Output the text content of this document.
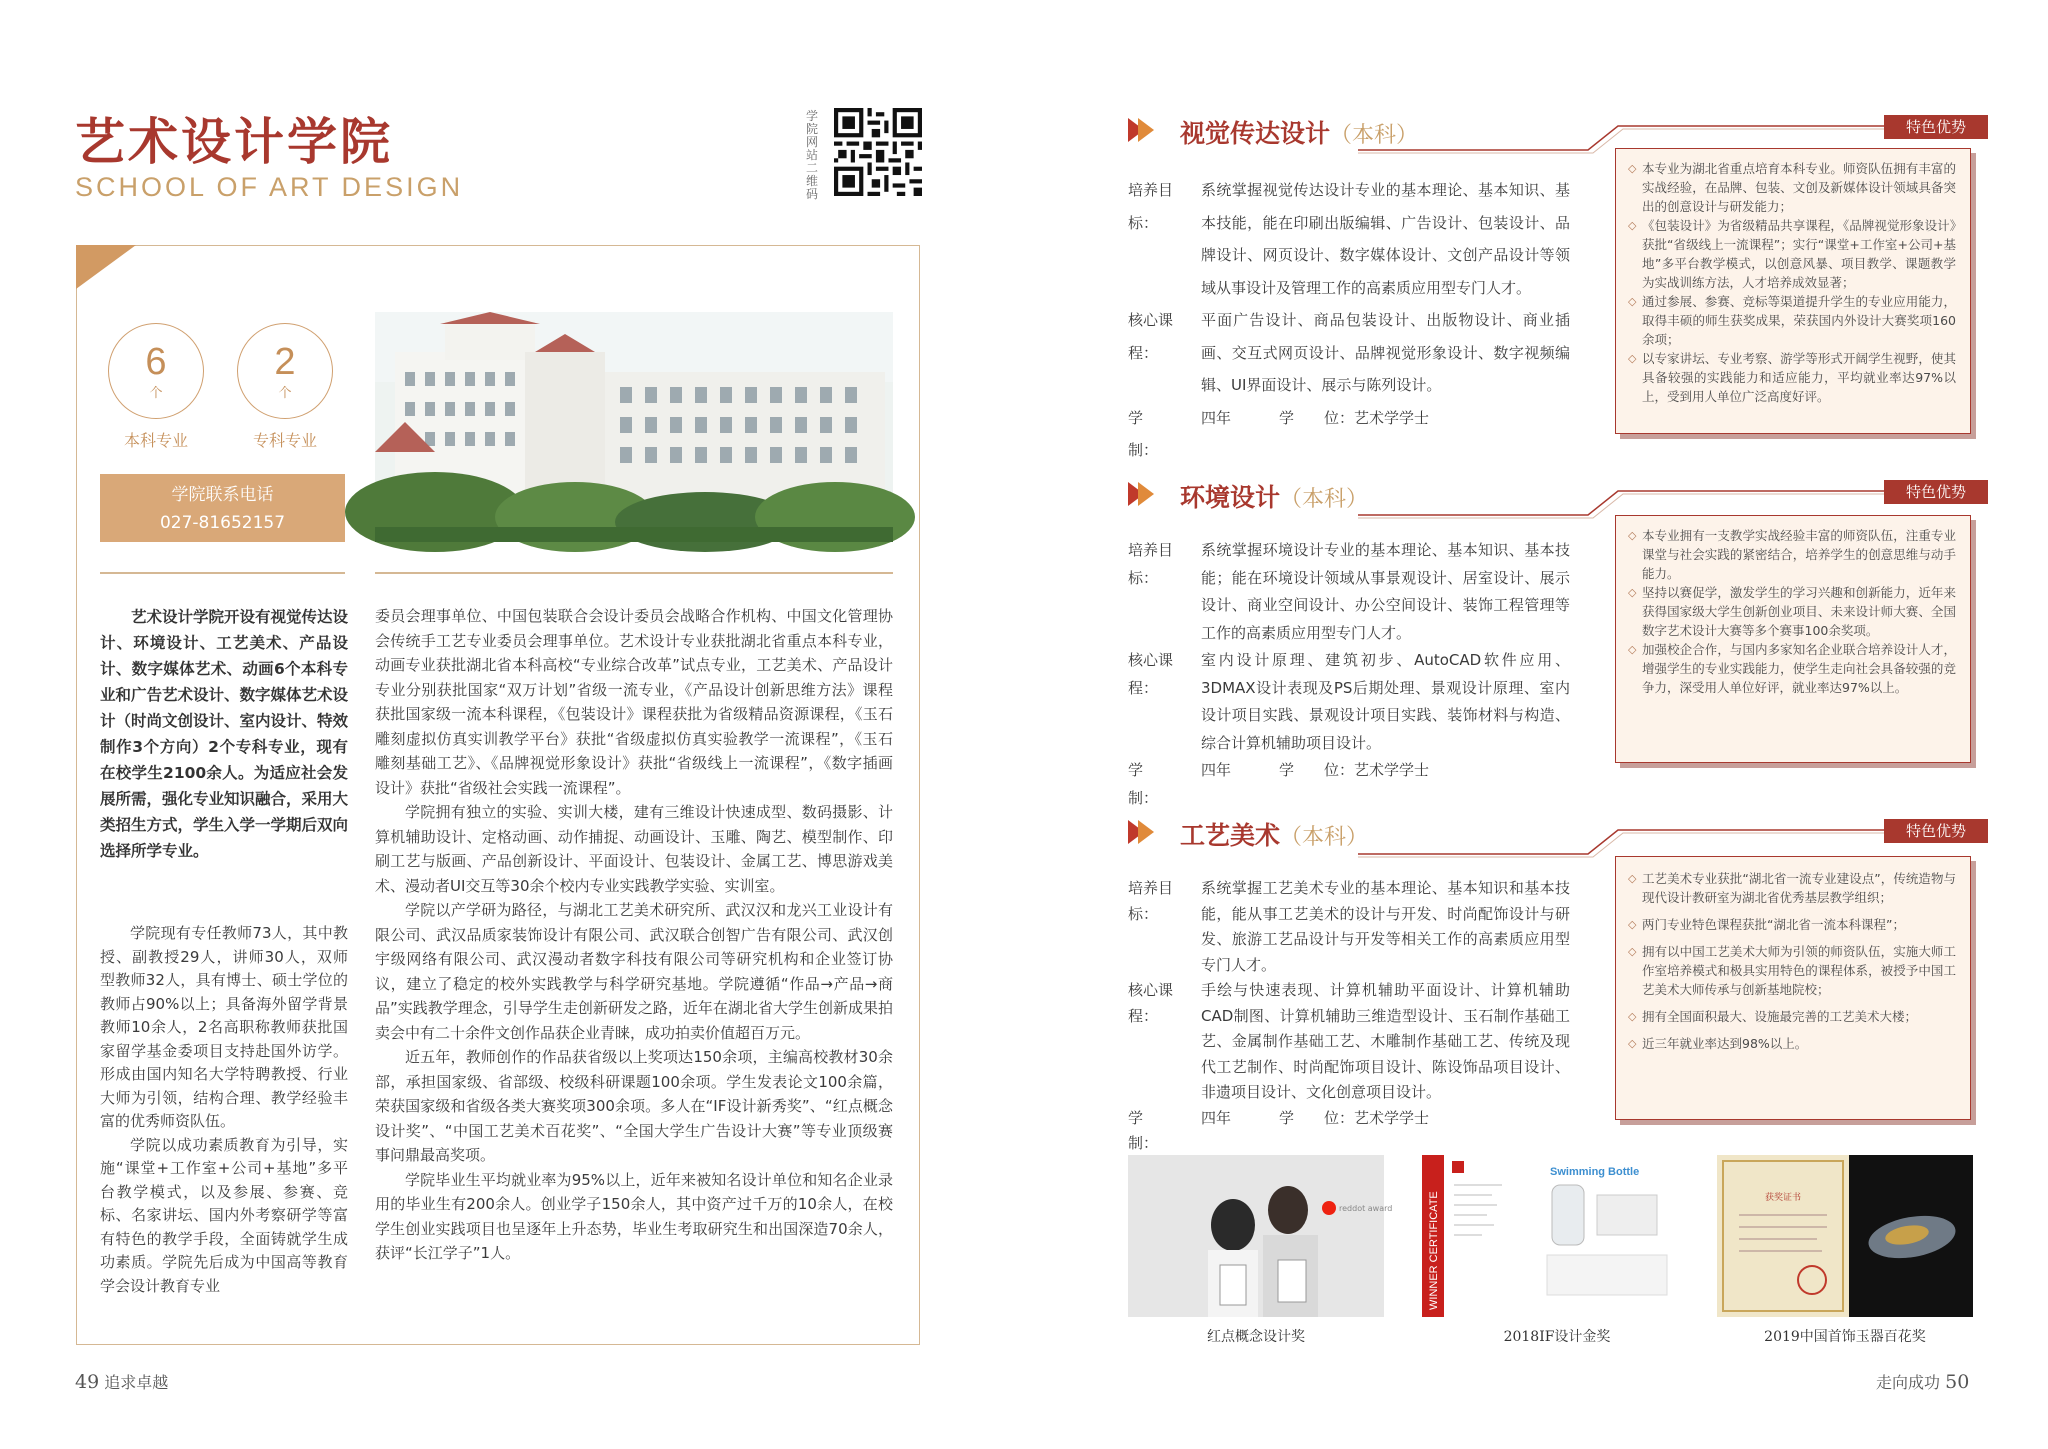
艺术设计学院
SCHOOL OF ART DESIGN
学院网站二维码
6
个
本科专业
2
个
专科专业
学院联系电话
027-81652157
艺术设计学院开设有视觉传达设计、环境设计、工艺美术、产品设计、数字媒体艺术、动画6个本科专业和广告艺术设计、数字媒体艺术设计（时尚文创设计、室内设计、特效制作3个方向）2个专科专业，现有在校学生2100余人。为适应社会发展所需，强化专业知识融合，采用大类招生方式，学生入学一学期后双向选择所学专业。

学院现有专任教师73人，其中教授、副教授29人，讲师30人，双师型教师32人，具有博士、硕士学位的教师占90%以上；具备海外留学背景教师10余人，2名高职称教师获批国家留学基金委项目支持赴国外访学。形成由国内知名大学特聘教授、行业大师为引领，结构合理、教学经验丰富的优秀师资队伍。

学院以成功素质教育为引导，实施“课堂+工作室+公司+基地”多平台教学模式，以及参展、参赛、竞标、名家讲坛、国内外考察研学等富有特色的教学手段，全面铸就学生成功素质。学院先后成为中国高等教育学会设计教育专业

委员会理事单位、中国包装联合会设计委员会战略合作机构、中国文化管理协会传统手工艺专业委员会理事单位。艺术设计专业获批湖北省重点本科专业，动画专业获批湖北省本科高校“专业综合改革”试点专业，工艺美术、产品设计专业分别获批国家“双万计划”省级一流专业，《产品设计创新思维方法》课程获批国家级一流本科课程，《包装设计》课程获批为省级精品资源课程，《玉石雕刻虚拟仿真实训教学平台》获批“省级虚拟仿真实验教学一流课程”，《玉石雕刻基础工艺》、《品牌视觉形象设计》获批“省级线上一流课程”，《数字插画设计》获批“省级社会实践一流课程”。

学院拥有独立的实验、实训大楼，建有三维设计快速成型、数码摄影、计算机辅助设计、定格动画、动作捕捉、动画设计、玉雕、陶艺、模型制作、印刷工艺与版画、产品创新设计、平面设计、包装设计、金属工艺、博思游戏美术、漫动者UI交互等30余个校内专业实践教学实验、实训室。

学院以产学研为路径，与湖北工艺美术研究所、武汉汉和龙兴工业设计有限公司、武汉品质家装饰设计有限公司、武汉联合创智广告有限公司、武汉创宇级网络有限公司、武汉漫动者数字科技有限公司等研究机构和企业签订协议，建立了稳定的校外实践教学与科学研究基地。学院遵循“作品→产品→商品”实践教学理念，引导学生走创新研发之路，近年在湖北省大学生创新成果拍卖会中有二十余件文创作品获企业青睐，成功拍卖价值超百万元。

近五年，教师创作的作品获省级以上奖项达150余项，主编高校教材30余部，承担国家级、省部级、校级科研课题100余项。学生发表论文100余篇，荣获国家级和省级各类大赛奖项300余项。多人在“IF设计新秀奖”、“红点概念设计奖”、“中国工艺美术百花奖”、“全国大学生广告设计大赛”等专业顶级赛事问鼎最高奖项。

学院毕业生平均就业率为95%以上，近年来被知名设计单位和知名企业录用的毕业生有200余人。创业学子150余人，其中资产过千万的10余人，在校学生创业实践项目也呈逐年上升态势，毕业生考取研究生和出国深造70余人，获评“长江学子”1人。

49 追求卓越
视觉传达设计（本科）	特色优势
◇ 本专业为湖北省重点培育本科专业。师资队伍拥有丰富的实战经验，在品牌、包装、文创及新媒体设计领域具备突出的创意设计与研发能力；
◇ 《包装设计》为省级精品共享课程，《品牌视觉形象设计》获批“省级线上一流课程”；实行“课堂+工作室+公司+基地”多平台教学模式，以创意风暴、项目教学、课题教学为实战训练方法，人才培养成效显著；
◇ 通过参展、参赛、竞标等渠道提升学生的专业应用能力，取得丰硕的师生获奖成果，荣获国内外设计大赛奖项160余项；
◇ 以专家讲坛、专业考察、游学等形式开阔学生视野，使其具备较强的实践能力和适应能力，平均就业率达97%以上，受到用人单位广泛高度好评。
培养目标：
系统掌握视觉传达设计专业的基本理论、基本知识、基本技能，能在印刷出版编辑、广告设计、包装设计、品牌设计、网页设计、数字媒体设计、文创产品设计等领域从事设计及管理工作的高素质应用型专门人才。
核心课程：
平面广告设计、商品包装设计、出版物设计、商业插画、交互式网页设计、品牌视觉形象设计、数字视频编辑、UI界面设计、展示与陈列设计。
学　　制：
四年	学　　位： 艺术学学士
环境设计（本科）	特色优势
◇ 本专业拥有一支教学实战经验丰富的师资队伍，注重专业课堂与社会实践的紧密结合，培养学生的创意思维与动手能力。
◇ 坚持以赛促学，激发学生的学习兴趣和创新能力，近年来获得国家级大学生创新创业项目、未来设计师大赛、全国数字艺术设计大赛等多个赛事100余奖项。
◇ 加强校企合作，与国内多家知名企业联合培养设计人才，增强学生的专业实践能力，使学生走向社会具备较强的竞争力，深受用人单位好评，就业率达97%以上。
培养目标：
系统掌握环境设计专业的基本理论、基本知识、基本技能；能在环境设计领域从事景观设计、居室设计、展示设计、商业空间设计、办公空间设计、装饰工程管理等工作的高素质应用型专门人才。
核心课程：
室内设计原理、建筑初步、AutoCAD软件应用、3DMAX设计表现及PS后期处理、景观设计原理、室内设计项目实践、景观设计项目实践、装饰材料与构造、综合计算机辅助项目设计。
学　　制：
四年	学　　位： 艺术学学士
工艺美术（本科）	特色优势
◇ 工艺美术专业获批“湖北省一流专业建设点”，传统造物与现代设计教研室为湖北省优秀基层教学组织；
◇ 两门专业特色课程获批“湖北省一流本科课程”；
◇ 拥有以中国工艺美术大师为引领的师资队伍，实施大师工作室培养模式和极具实用特色的课程体系，被授予中国工艺美术大师传承与创新基地院校；
◇ 拥有全国面积最大、设施最完善的工艺美术大楼；
◇ 近三年就业率达到98%以上。
培养目标：
系统掌握工艺美术专业的基本理论、基本知识和基本技能，能从事工艺美术的设计与开发、时尚配饰设计与研发、旅游工艺品设计与开发等相关工作的高素质应用型专门人才。
核心课程：
手绘与快速表现、计算机辅助平面设计、计算机辅助CAD制图、计算机辅助三维造型设计、玉石制作基础工艺、金属制作基础工艺、木雕制作基础工艺、传统及现代工艺制作、时尚配饰项目设计、陈设饰品项目设计、非遗项目设计、文化创意项目设计。
学　　制：
四年	学　　位： 艺术学学士
reddot award
红点概念设计奖
WINNER CERTIFICATE
Swimming Bottle
2018IF设计金奖
获奖证书
2019中国首饰玉器百花奖
走向成功 50
